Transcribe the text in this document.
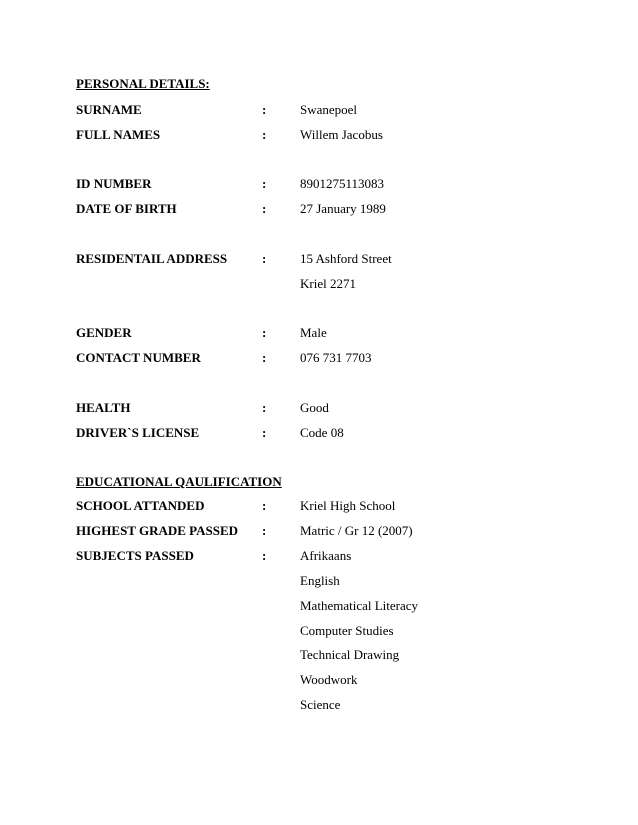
PERSONAL DETAILS:
SURNAME	:	Swanepoel
FULL NAMES	:	Willem Jacobus
ID NUMBER	:	8901275113083
DATE OF BIRTH	:	27 January 1989
RESIDENTAIL ADDRESS	:	15 Ashford Street
Kriel 2271
GENDER	:	Male
CONTACT NUMBER	:	076 731 7703
HEALTH	:	Good
DRIVER`S LICENSE	:	Code 08
EDUCATIONAL QAULIFICATION
SCHOOL ATTANDED	:	Kriel High School
HIGHEST GRADE PASSED :	Matric / Gr 12 (2007)
SUBJECTS PASSED	:	Afrikaans
English
Mathematical Literacy
Computer Studies
Technical Drawing
Woodwork
Science
